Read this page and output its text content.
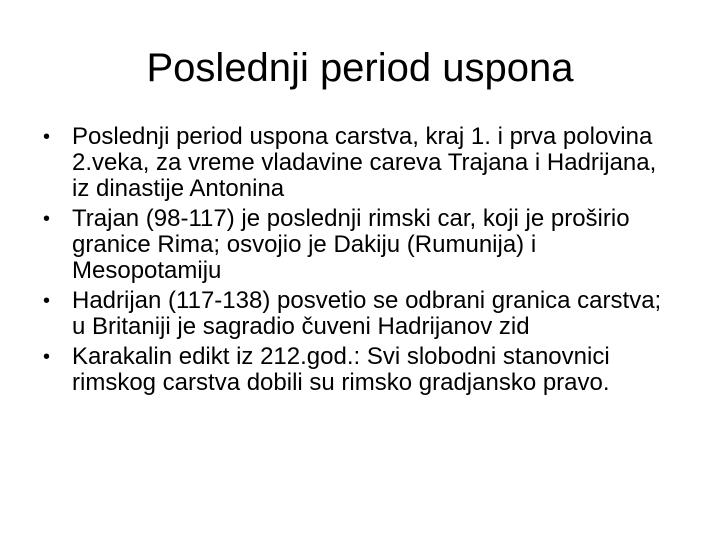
Poslednji period uspona
• Poslednji period uspona carstva, kraj 1. i prva polovina 2.veka, za vreme vladavine careva Trajana i Hadrijana, iz dinastije Antonina
• Trajan (98-117) je poslednji rimski car, koji je proširio granice Rima; osvojio je Dakiju (Rumunija) i Mesopotamiju
• Hadrijan (117-138) posvetio se odbrani granica carstva; u Britaniji je sagradio čuveni Hadrijanov zid
• Karakalin edikt iz 212.god.: Svi slobodni stanovnici rimskog carstva dobili su rimsko gradjansko pravo.
